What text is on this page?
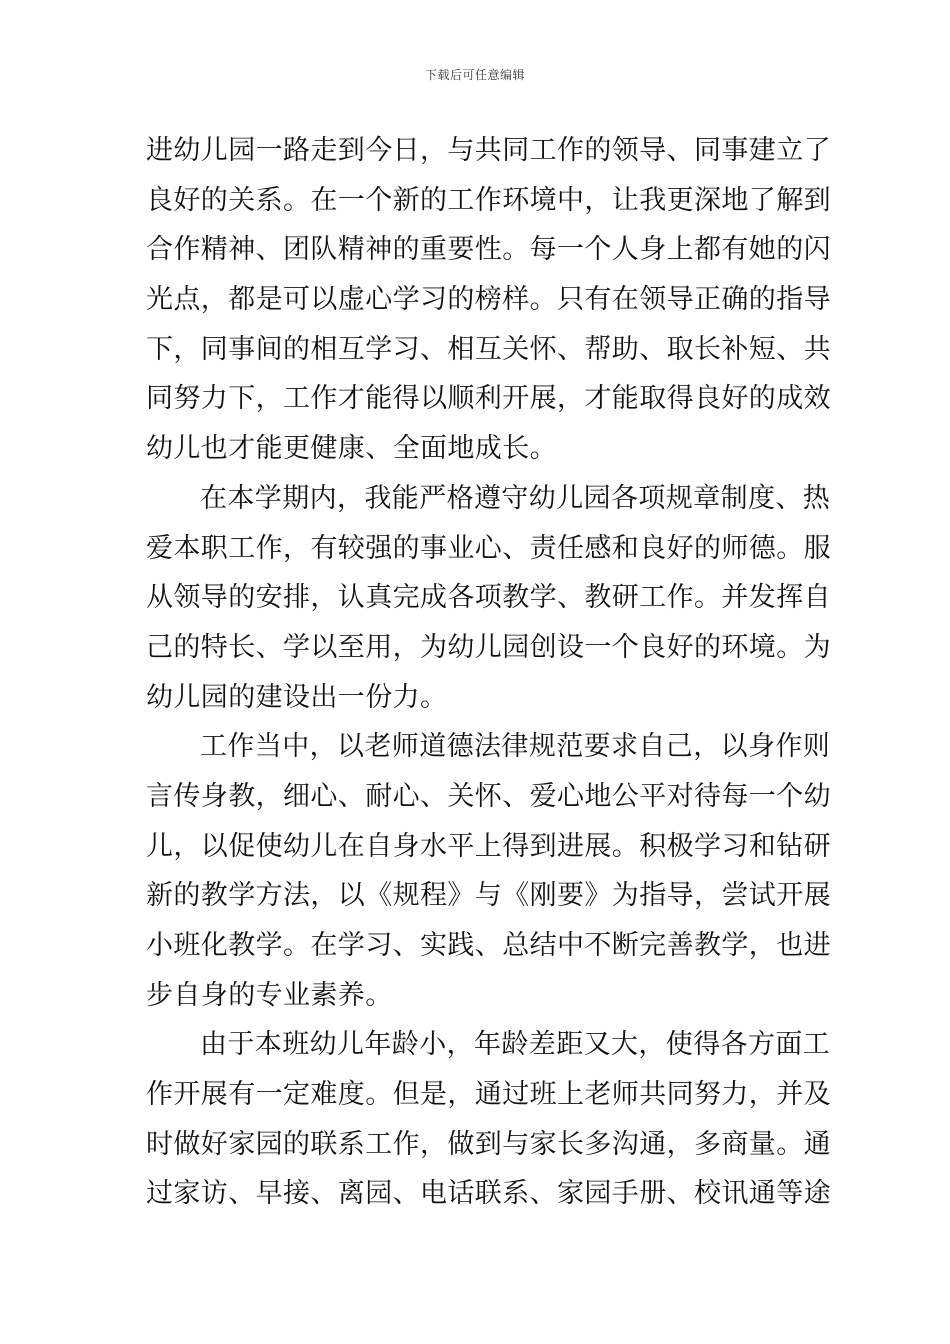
下载后可任意编辑
进幼儿园一路走到今日，与共同工作的领导、同事建立了
良好的关系。在一个新的工作环境中，让我更深地了解到
合作精神、团队精神的重要性。每一个人身上都有她的闪
光点，都是可以虚心学习的榜样。只有在领导正确的指导
下，同事间的相互学习、相互关怀、帮助、取长补短、共
同努力下，工作才能得以顺利开展，才能取得良好的成效
幼儿也才能更健康、全面地成长。
在本学期内，我能严格遵守幼儿园各项规章制度、热
爱本职工作，有较强的事业心、责任感和良好的师德。服
从领导的安排，认真完成各项教学、教研工作。并发挥自
己的特长、学以至用，为幼儿园创设一个良好的环境。为
幼儿园的建设出一份力。
工作当中，以老师道德法律规范要求自己，以身作则
言传身教，细心、耐心、关怀、爱心地公平对待每一个幼
儿，以促使幼儿在自身水平上得到进展。积极学习和钻研
新的教学方法，以《规程》与《刚要》为指导，尝试开展
小班化教学。在学习、实践、总结中不断完善教学，也进
步自身的专业素养。
由于本班幼儿年龄小，年龄差距又大，使得各方面工
作开展有一定难度。但是，通过班上老师共同努力，并及
时做好家园的联系工作，做到与家长多沟通，多商量。通
过家访、早接、离园、电话联系、家园手册、校讯通等途
